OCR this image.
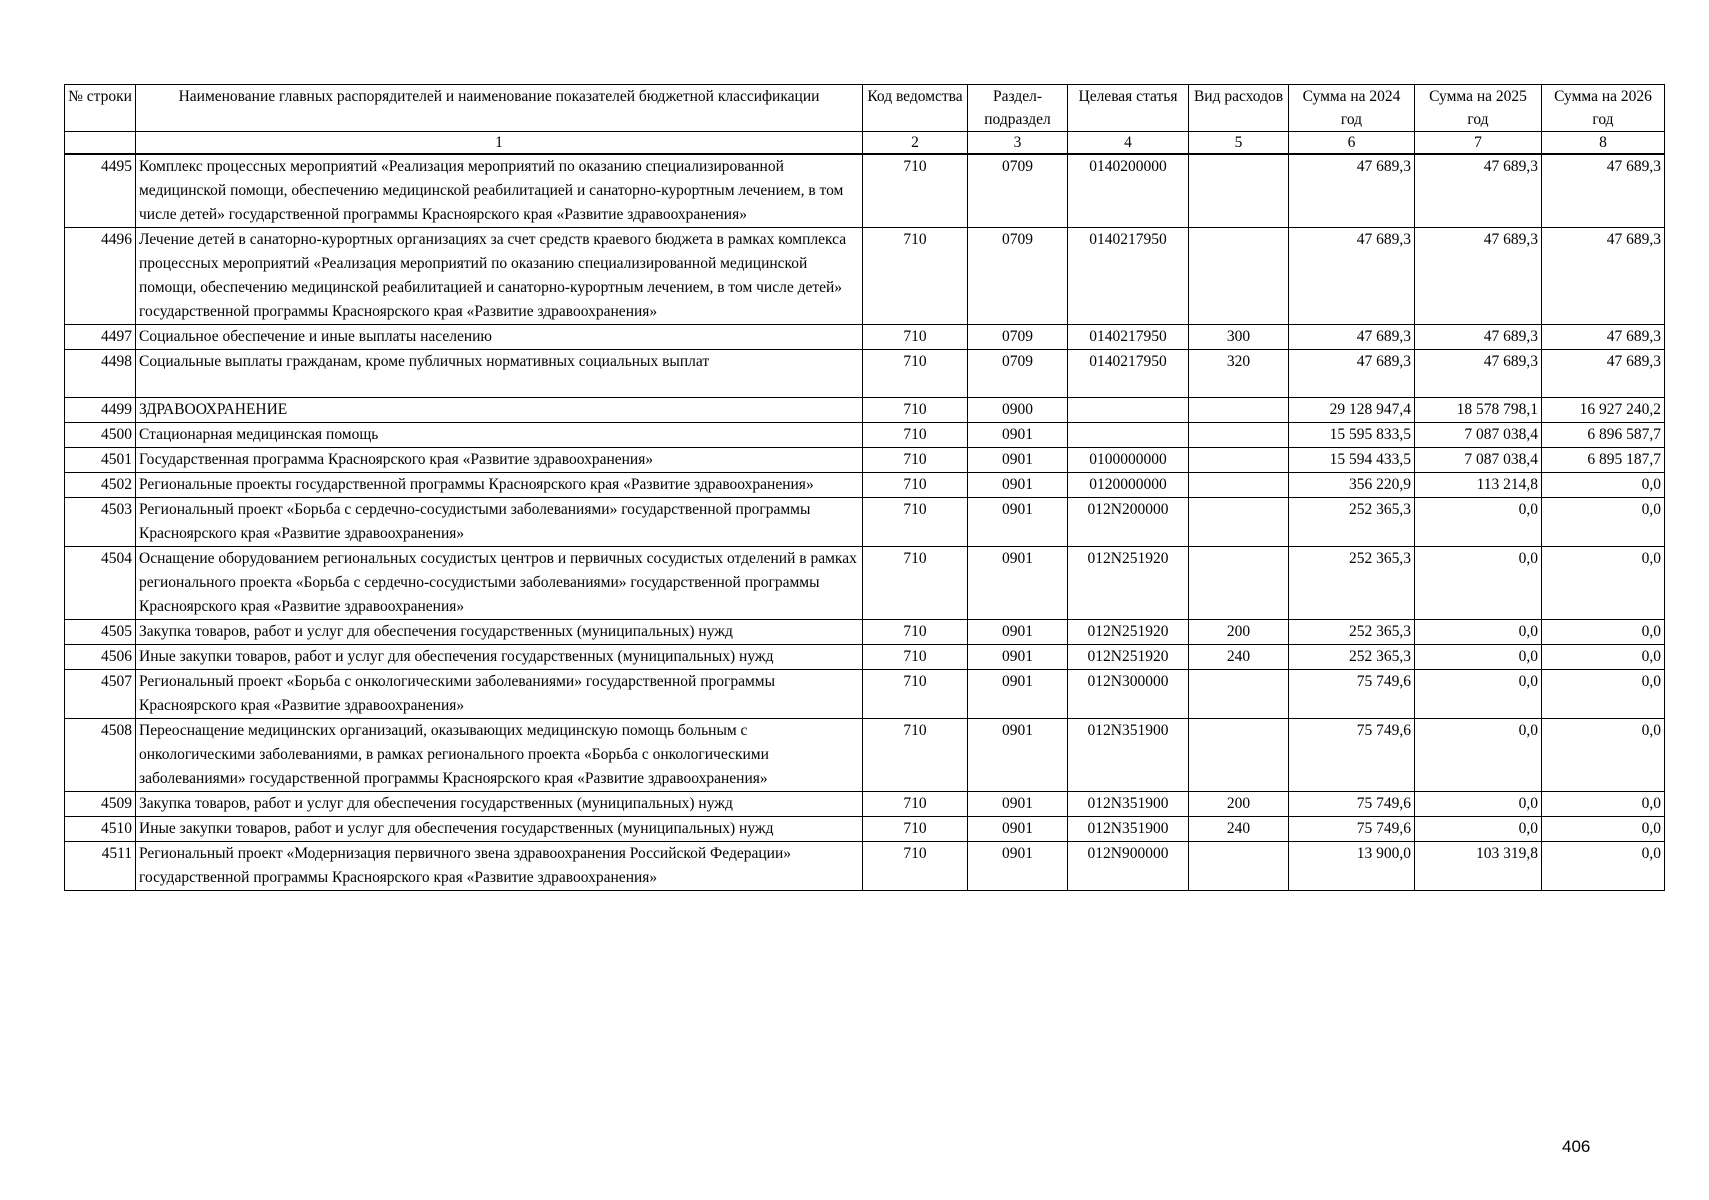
№ строки	Наименование главных распорядителей и наименование показателей бюджетной классификации	Код ведомства	Раздел-подраздел	Целевая статья	Вид расходов	Сумма на 2024 год	Сумма на 2025 год	Сумма на 2026 год
	1	2	3	4	5	6	7	8
4495	Комплекс процессных мероприятий «Реализация мероприятий по оказанию специализированной медицинской помощи, обеспечению медицинской реабилитацией и санаторно-курортным лечением, в том числе детей» государственной программы Красноярского края «Развитие здравоохранения»	710	0709	0140200000		47 689,3	47 689,3	47 689,3
4496	Лечение детей в санаторно-курортных организациях за счет средств краевого бюджета в рамках комплекса процессных мероприятий «Реализация мероприятий по оказанию специализированной медицинской помощи, обеспечению медицинской реабилитацией и санаторно-курортным лечением, в том числе детей» государственной программы Красноярского края «Развитие здравоохранения»	710	0709	0140217950		47 689,3	47 689,3	47 689,3
4497	Социальное обеспечение и иные выплаты населению	710	0709	0140217950	300	47 689,3	47 689,3	47 689,3
4498	Социальные выплаты гражданам, кроме публичных нормативных социальных выплат	710	0709	0140217950	320	47 689,3	47 689,3	47 689,3
4499	ЗДРАВООХРАНЕНИЕ	710	0900			29 128 947,4	18 578 798,1	16 927 240,2
4500	Стационарная медицинская помощь	710	0901			15 595 833,5	7 087 038,4	6 896 587,7
4501	Государственная программа Красноярского края «Развитие здравоохранения»	710	0901	0100000000		15 594 433,5	7 087 038,4	6 895 187,7
4502	Региональные проекты государственной программы Красноярского края «Развитие здравоохранения»	710	0901	0120000000		356 220,9	113 214,8	0,0
4503	Региональный проект «Борьба с сердечно-сосудистыми заболеваниями» государственной программы Красноярского края «Развитие здравоохранения»	710	0901	012N200000		252 365,3	0,0	0,0
4504	Оснащение оборудованием региональных сосудистых центров и первичных сосудистых отделений в рамках регионального проекта «Борьба с сердечно-сосудистыми заболеваниями» государственной программы Красноярского края «Развитие здравоохранения»	710	0901	012N251920		252 365,3	0,0	0,0
4505	Закупка товаров, работ и услуг для обеспечения государственных (муниципальных) нужд	710	0901	012N251920	200	252 365,3	0,0	0,0
4506	Иные закупки товаров, работ и услуг для обеспечения государственных (муниципальных) нужд	710	0901	012N251920	240	252 365,3	0,0	0,0
4507	Региональный проект «Борьба с онкологическими заболеваниями» государственной программы Красноярского края «Развитие здравоохранения»	710	0901	012N300000		75 749,6	0,0	0,0
4508	Переоснащение медицинских организаций, оказывающих медицинскую помощь больным с онкологическими заболеваниями, в рамках регионального проекта «Борьба с онкологическими заболеваниями» государственной программы Красноярского края «Развитие здравоохранения»	710	0901	012N351900		75 749,6	0,0	0,0
4509	Закупка товаров, работ и услуг для обеспечения государственных (муниципальных) нужд	710	0901	012N351900	200	75 749,6	0,0	0,0
4510	Иные закупки товаров, работ и услуг для обеспечения государственных (муниципальных) нужд	710	0901	012N351900	240	75 749,6	0,0	0,0
4511	Региональный проект «Модернизация первичного звена здравоохранения Российской Федерации» государственной программы Красноярского края «Развитие здравоохранения»	710	0901	012N900000		13 900,0	103 319,8	0,0
406
